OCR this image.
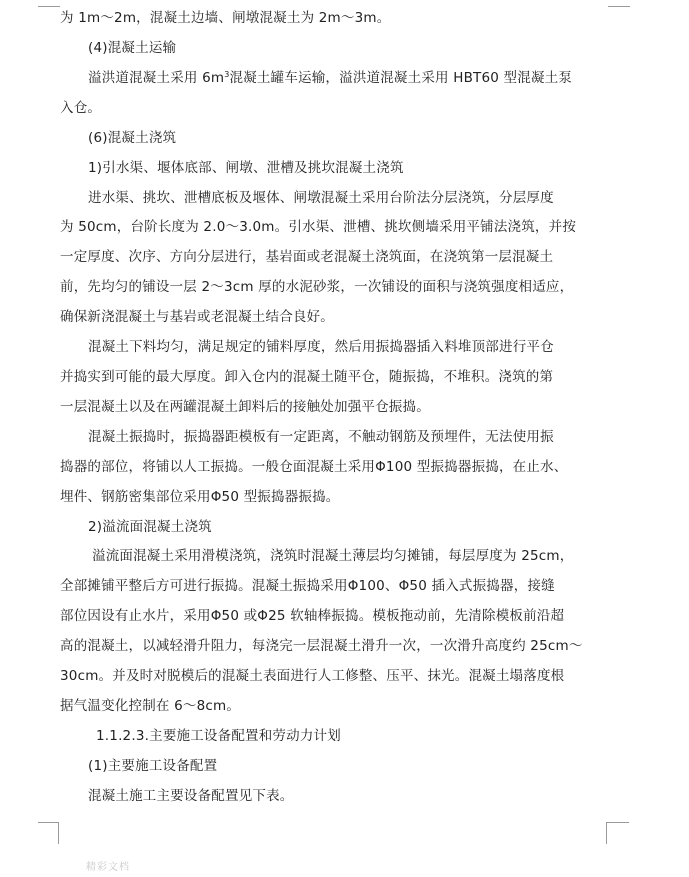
为 1m～2m，混凝土边墙、闸墩混凝土为 2m～3m。
(4)混凝土运输
溢洪道混凝土采用 $6m^3$混凝土罐车运输，溢洪道混凝土采用 HBT60 型混凝土泵
入仓。
(6)混凝土浇筑
1)引水渠、堰体底部、闸墩、泄槽及挑坎混凝土浇筑
进水渠、挑坎、泄槽底板及堰体、闸墩混凝土采用台阶法分层浇筑，分层厚度
为 50cm，台阶长度为 2.0～3.0m。引水渠、泄槽、挑坎侧墙采用平铺法浇筑，并按
一定厚度、次序、方向分层进行，基岩面或老混凝土浇筑面，在浇筑第一层混凝土
前，先均匀的铺设一层 2～3cm 厚的水泥砂浆，一次铺设的面积与浇筑强度相适应，
确保新浇混凝土与基岩或老混凝土结合良好。
混凝土下料均匀，满足规定的铺料厚度，然后用振捣器插入料堆顶部进行平仓
并捣实到可能的最大厚度。卸入仓内的混凝土随平仓，随振捣，不堆积。浇筑的第
一层混凝土以及在两罐混凝土卸料后的接触处加强平仓振捣。
混凝土振捣时，振捣器距模板有一定距离，不触动钢筋及预埋件，无法使用振
捣器的部位，将铺以人工振捣。一般仓面混凝土采用Φ100 型振捣器振捣，在止水、
埋件、钢筋密集部位采用Φ50 型振捣器振捣。
2)溢流面混凝土浇筑
溢流面混凝土采用滑模浇筑，浇筑时混凝土薄层均匀摊铺，每层厚度为 25cm，
全部摊铺平整后方可进行振捣。混凝土振捣采用Φ100、Φ50 插入式振捣器，接缝
部位因设有止水片，采用Φ50 或Φ25 软轴棒振捣。模板拖动前，先清除模板前沿超
高的混凝土，以减轻滑升阻力，每浇完一层混凝土滑升一次，一次滑升高度约 25cm～
30cm。并及时对脱模后的混凝土表面进行人工修整、压平、抹光。混凝土塌落度根
据气温变化控制在 6～8cm。
1.1.2.3.主要施工设备配置和劳动力计划
(1)主要施工设备配置
混凝土施工主要设备配置见下表。
精彩文档
